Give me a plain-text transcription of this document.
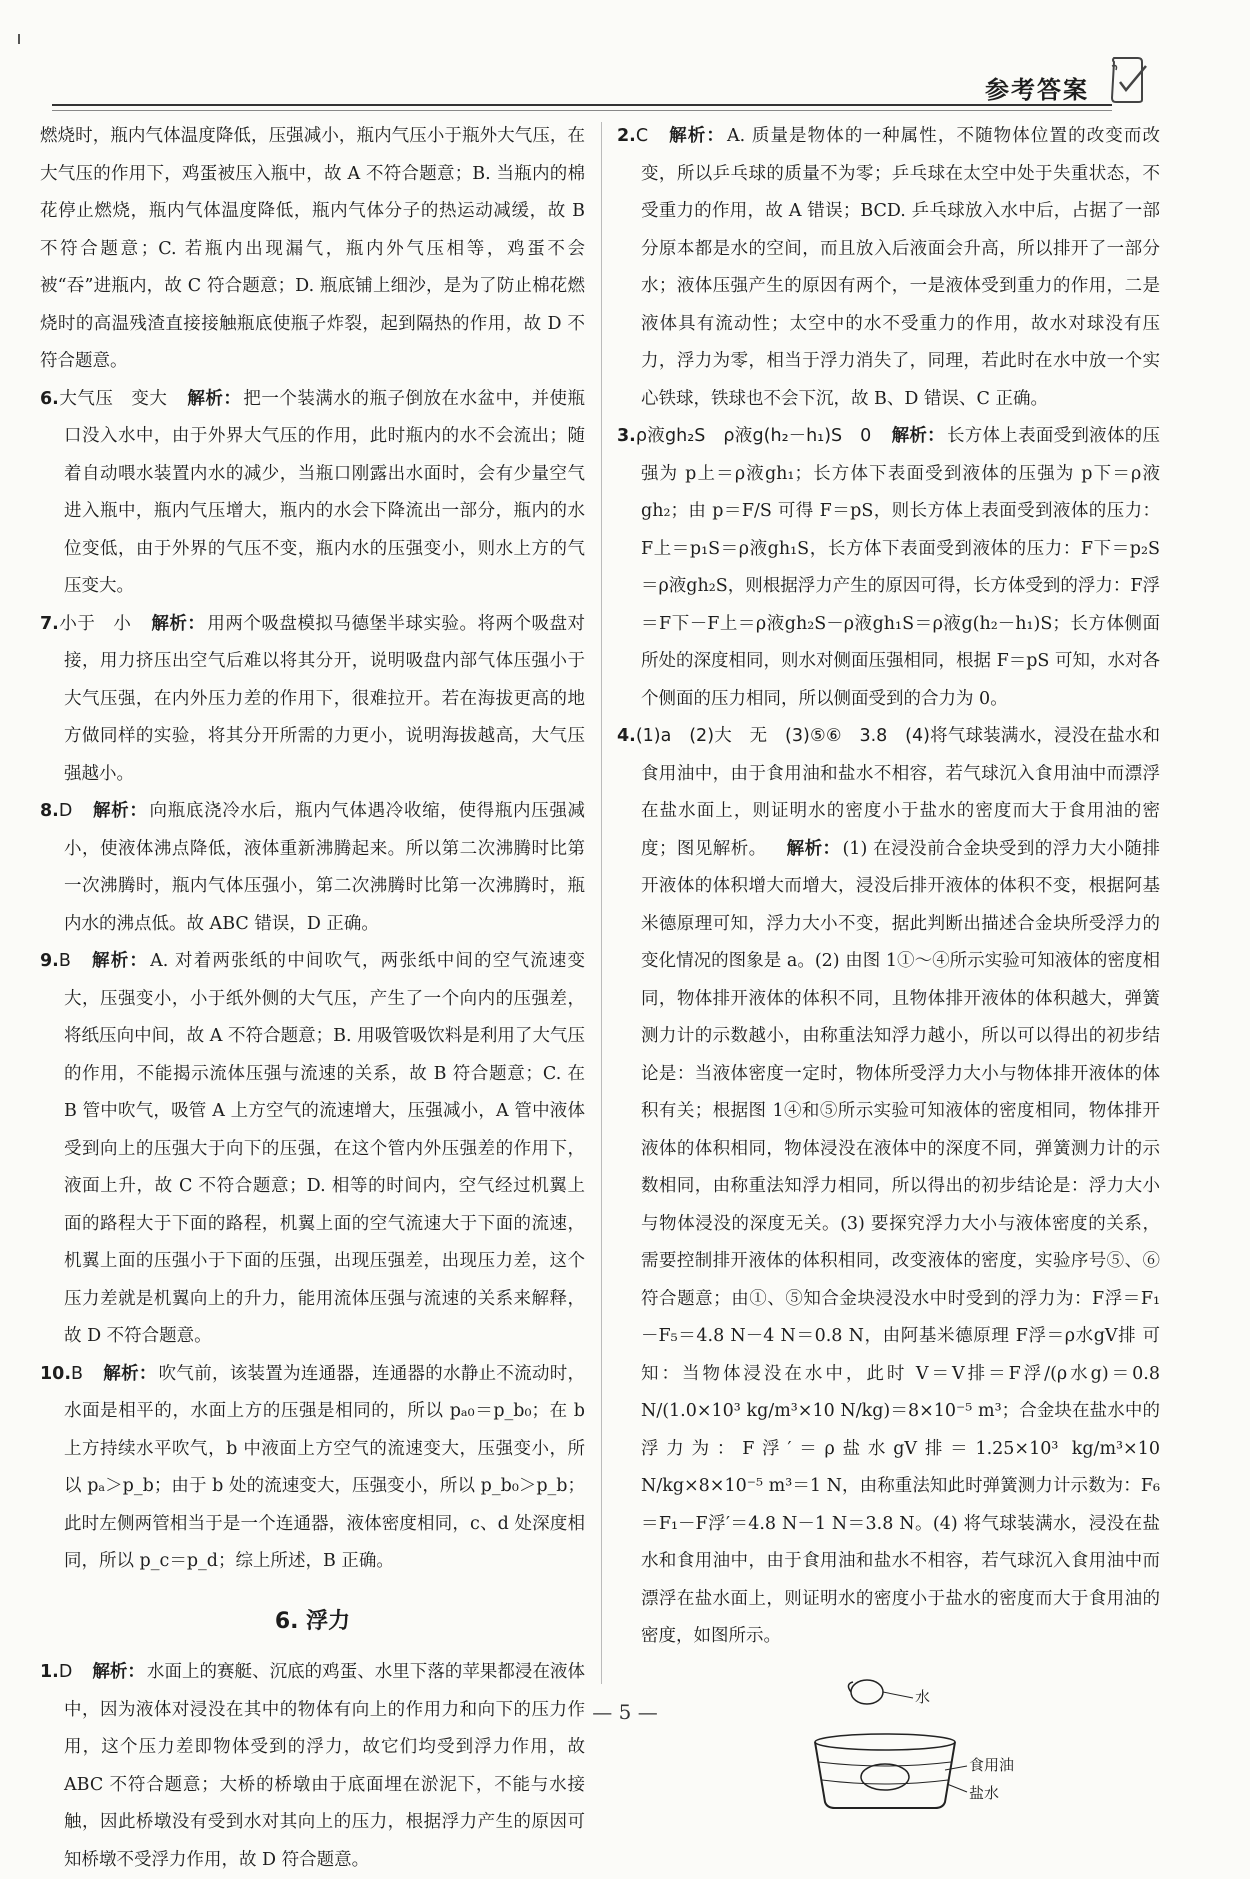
参考答案

燃烧时，瓶内气体温度降低，压强减小，瓶内气压小于瓶外大气压，在大气压的作用下，鸡蛋被压入瓶中，故 A 不符合题意；B. 当瓶内的棉花停止燃烧，瓶内气体温度降低，瓶内气体分子的热运动减缓，故 B 不符合题意；C. 若瓶内出现漏气，瓶内外气压相等，鸡蛋不会被“吞”进瓶内，故 C 符合题意；D. 瓶底铺上细沙，是为了防止棉花燃烧时的高温残渣直接接触瓶底使瓶子炸裂，起到隔热的作用，故 D 不符合题意。

6.大气压　变大 解析： 把一个装满水的瓶子倒放在水盆中，并使瓶口没入水中，由于外界大气压的作用，此时瓶内的水不会流出；随着自动喂水装置内水的减少，当瓶口刚露出水面时，会有少量空气进入瓶中，瓶内气压增大，瓶内的水会下降流出一部分，瓶内的水位变低，由于外界的气压不变，瓶内水的压强变小，则水上方的气压变大。

7.小于　小 解析： 用两个吸盘模拟马德堡半球实验。将两个吸盘对接，用力挤压出空气后难以将其分开，说明吸盘内部气体压强小于大气压强，在内外压力差的作用下，很难拉开。若在海拔更高的地方做同样的实验，将其分开所需的力更小，说明海拔越高，大气压强越小。

8.D 解析： 向瓶底浇冷水后，瓶内气体遇冷收缩，使得瓶内压强减小，使液体沸点降低，液体重新沸腾起来。所以第二次沸腾时比第一次沸腾时，瓶内气体压强小，第二次沸腾时比第一次沸腾时，瓶内水的沸点低。故 ABC 错误，D 正确。

9.B 解析： A. 对着两张纸的中间吹气，两张纸中间的空气流速变大，压强变小，小于纸外侧的大气压，产生了一个向内的压强差，将纸压向中间，故 A 不符合题意；B. 用吸管吸饮料是利用了大气压的作用，不能揭示流体压强与流速的关系，故 B 符合题意；C. 在 B 管中吹气，吸管 A 上方空气的流速增大，压强减小，A 管中液体受到向上的压强大于向下的压强，在这个管内外压强差的作用下，液面上升，故 C 不符合题意；D. 相等的时间内，空气经过机翼上面的路程大于下面的路程，机翼上面的空气流速大于下面的流速，机翼上面的压强小于下面的压强，出现压强差，出现压力差，这个压力差就是机翼向上的升力，能用流体压强与流速的关系来解释，故 D 不符合题意。

10.B 解析： 吹气前，该装置为连通器，连通器的水静止不流动时，水面是相平的，水面上方的压强是相同的，所以 pₐ₀＝p_b₀；在 b 上方持续水平吹气，b 中液面上方空气的流速变大，压强变小，所以 pₐ＞p_b；由于 b 处的流速变大，压强变小，所以 p_b₀＞p_b；此时左侧两管相当于是一个连通器，液体密度相同，c、d 处深度相同，所以 p_c＝p_d；综上所述，B 正确。

6. 浮力

1.D 解析： 水面上的赛艇、沉底的鸡蛋、水里下落的苹果都浸在液体中，因为液体对浸没在其中的物体有向上的作用力和向下的压力作用，这个压力差即物体受到的浮力，故它们均受到浮力作用，故 ABC 不符合题意；大桥的桥墩由于底面埋在淤泥下，不能与水接触，因此桥墩没有受到水对其向上的压力，根据浮力产生的原因可知桥墩不受浮力作用，故 D 符合题意。

2.C 解析： A. 质量是物体的一种属性，不随物体位置的改变而改变，所以乒乓球的质量不为零；乒乓球在太空中处于失重状态，不受重力的作用，故 A 错误；BCD. 乒乓球放入水中后，占据了一部分原本都是水的空间，而且放入后液面会升高，所以排开了一部分水；液体压强产生的原因有两个，一是液体受到重力的作用，二是液体具有流动性；太空中的水不受重力的作用，故水对球没有压力，浮力为零，相当于浮力消失了，同理，若此时在水中放一个实心铁球，铁球也不会下沉，故 B、D 错误、C 正确。

3.ρ液gh₂S　ρ液g(h₂－h₁)S　0 解析： 长方体上表面受到液体的压强为 p上＝ρ液gh₁；长方体下表面受到液体的压强为 p下＝ρ液gh₂；由 p＝F/S 可得 F＝pS，则长方体上表面受到液体的压力：F上＝p₁S＝ρ液gh₁S，长方体下表面受到液体的压力：F下＝p₂S＝ρ液gh₂S，则根据浮力产生的原因可得，长方体受到的浮力：F浮＝F下－F上＝ρ液gh₂S－ρ液gh₁S＝ρ液g(h₂－h₁)S；长方体侧面所处的深度相同，则水对侧面压强相同，根据 F＝pS 可知，水对各个侧面的压力相同，所以侧面受到的合力为 0。

4.(1)a　(2)大　无　(3)⑤⑥　3.8　(4)将气球装满水，浸没在盐水和食用油中，由于食用油和盐水不相容，若气球沉入食用油中而漂浮在盐水面上，则证明水的密度小于盐水的密度而大于食用油的密度；图见解析。 解析： (1) 在浸没前合金块受到的浮力大小随排开液体的体积增大而增大，浸没后排开液体的体积不变，根据阿基米德原理可知，浮力大小不变，据此判断出描述合金块所受浮力的变化情况的图象是 a。(2) 由图 1①～④所示实验可知液体的密度相同，物体排开液体的体积不同，且物体排开液体的体积越大，弹簧测力计的示数越小，由称重法知浮力越小，所以可以得出的初步结论是：当液体密度一定时，物体所受浮力大小与物体排开液体的体积有关；根据图 1④和⑤所示实验可知液体的密度相同，物体排开液体的体积相同，物体浸没在液体中的深度不同，弹簧测力计的示数相同，由称重法知浮力相同，所以得出的初步结论是：浮力大小与物体浸没的深度无关。(3) 要探究浮力大小与液体密度的关系，需要控制排开液体的体积相同，改变液体的密度，实验序号⑤、⑥符合题意；由①、⑤知合金块浸没水中时受到的浮力为：F浮＝F₁－F₅＝4.8 N－4 N＝0.8 N，由阿基米德原理 F浮＝ρ水gV排 可知：当物体浸没在水中，此时 V＝V排＝F浮/(ρ水g)＝0.8 N/(1.0×10³ kg/m³×10 N/kg)＝8×10⁻⁵ m³；合金块在盐水中的浮力为：F浮′＝ρ盐水gV排＝1.25×10³ kg/m³×10 N/kg×8×10⁻⁵ m³＝1 N，由称重法知此时弹簧测力计示数为：F₆＝F₁－F浮′＝4.8 N－1 N＝3.8 N。(4) 将气球装满水，浸没在盐水和食用油中，由于食用油和盐水不相容，若气球沉入食用油中而漂浮在盐水面上，则证明水的密度小于盐水的密度而大于食用油的密度，如图所示。

水
食用油
盐水
— 5 —
